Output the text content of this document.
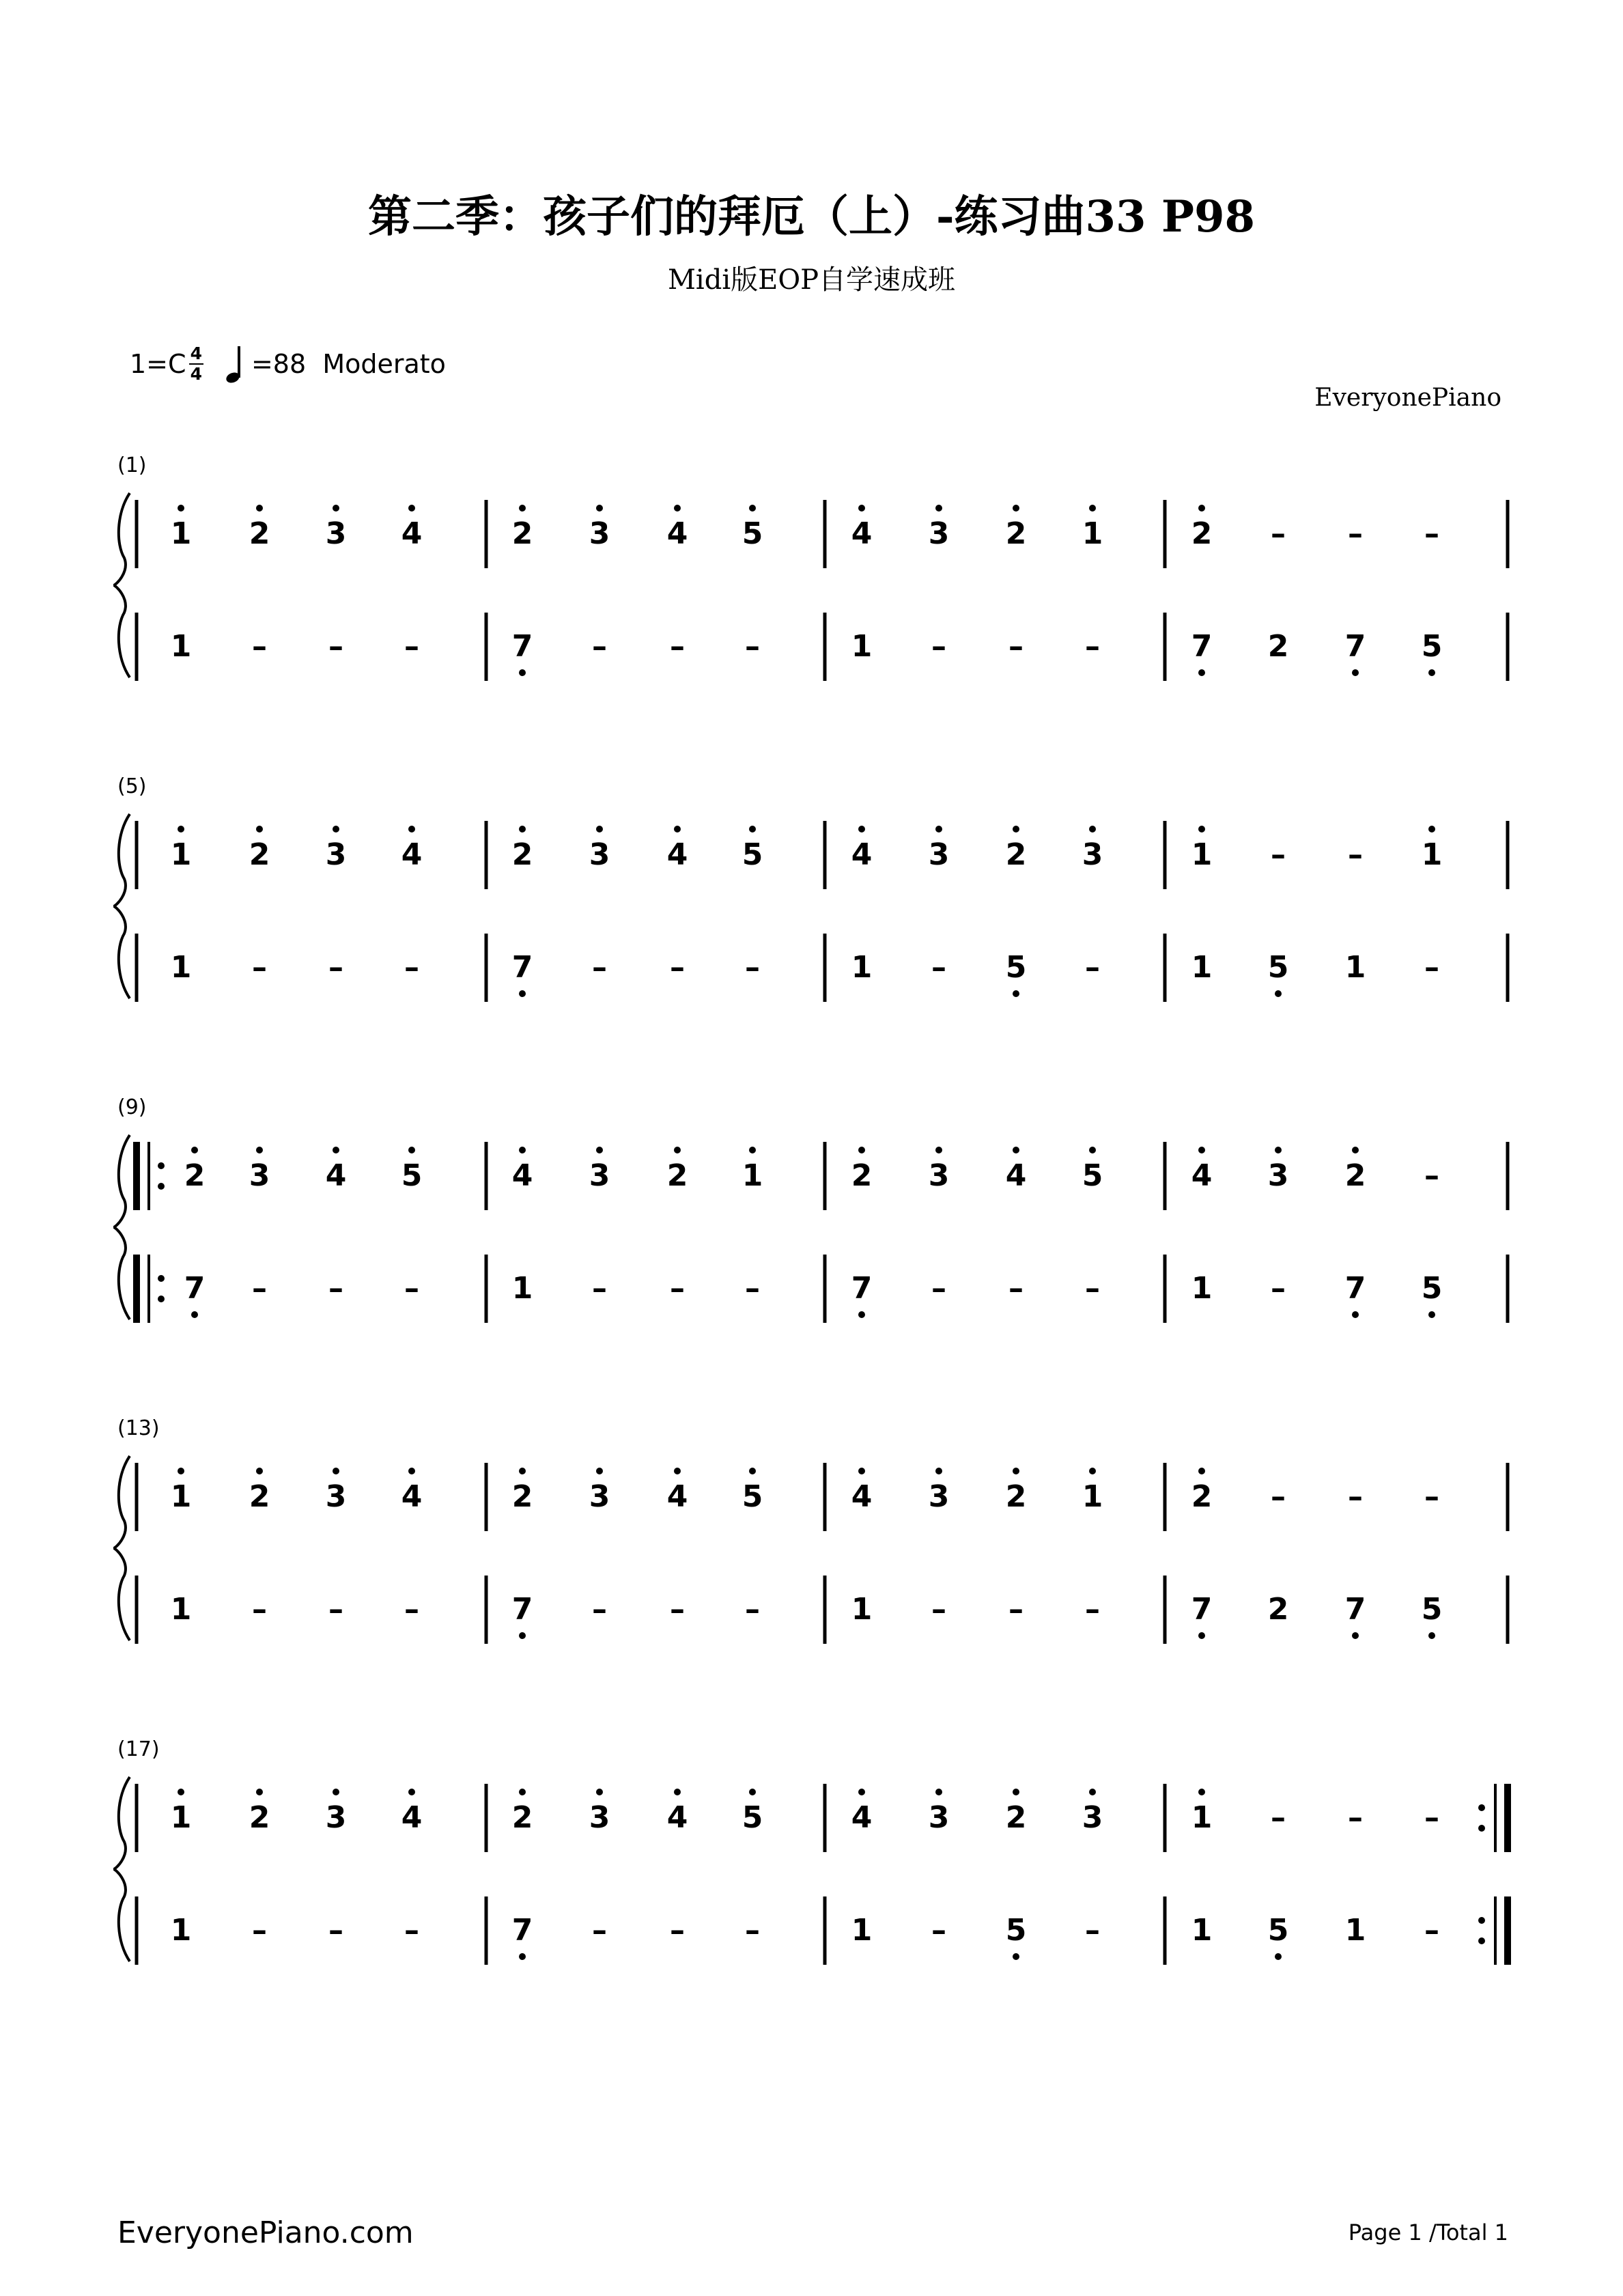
第二季：孩子们的拜厄（上）-练习曲33 P98
Midi版EOP自学速成班
$1=C \frac{4}{4} =88$  Moderato
EveryonePiano
(1)
1	2	3	4	2	3	4	5	4	3	2	1	2	–	–	–
1	–	–	–	7	–	–	–	1	–	–	–	7	2	7	5
(5)
1	2	3	4	2	3	4	5	4	3	2	3	1	–	–	1
1	–	–	–	7	–	–	–	1	–	5	–	1	5	1	–
(9)
2	3	4	5	4	3	2	1	2	3	4	5	4	3	2	–
7	–	–	–	1	–	–	–	7	–	–	–	1	–	7	5
(13)
1	2	3	4	2	3	4	5	4	3	2	1	2	–	–	–
1	–	–	–	7	–	–	–	1	–	–	–	7	2	7	5
(17)
1	2	3	4	2	3	4	5	4	3	2	3	1	–	–	–
1	–	–	–	7	–	–	–	1	–	5	–	1	5	1	–
EveryonePiano.com	Page 1 /Total 1
